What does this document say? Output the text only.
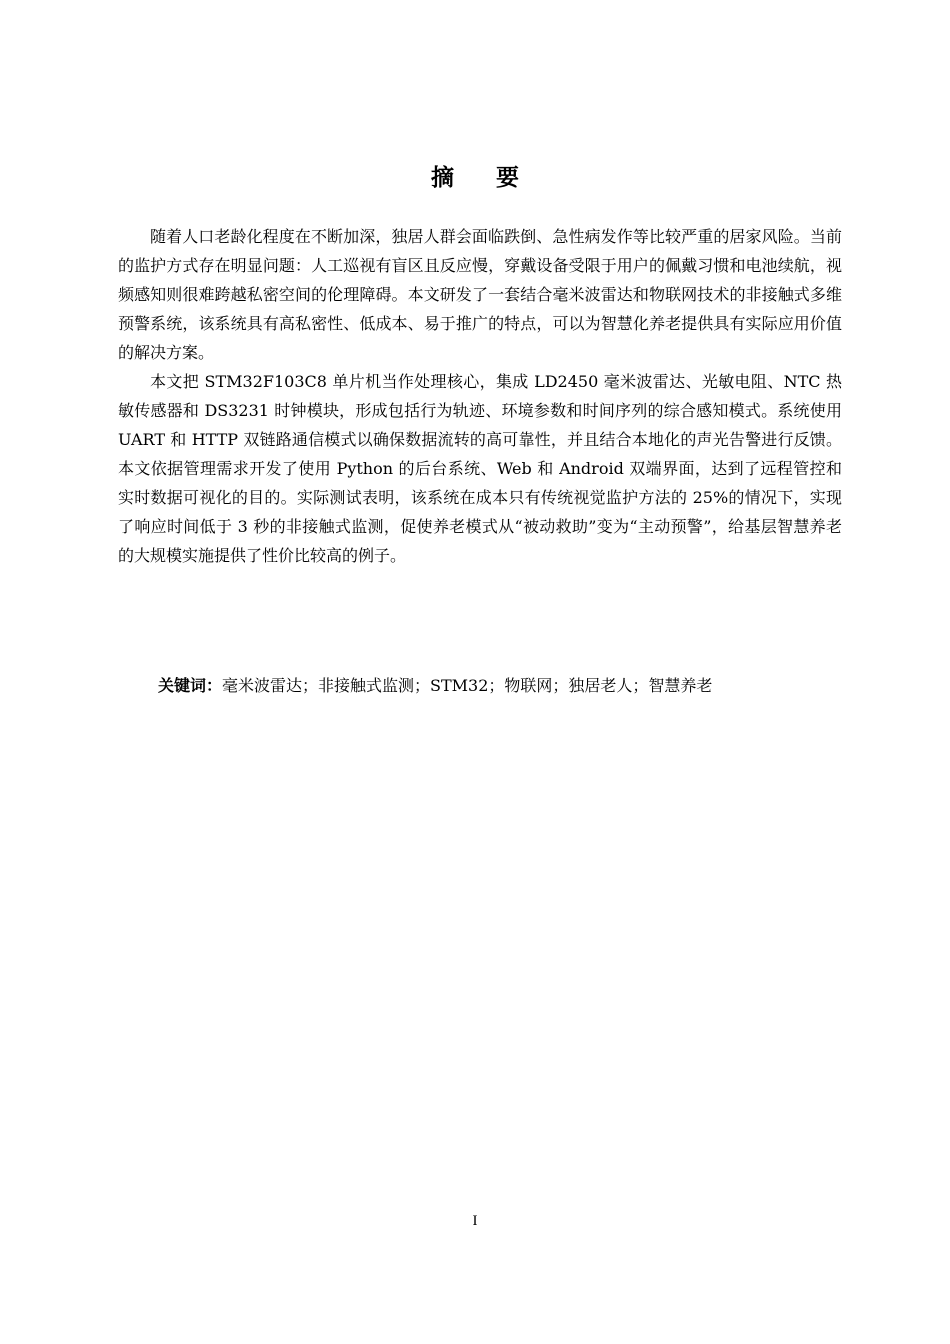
摘要

随着人口老龄化程度在不断加深，独居人群会面临跌倒、急性病发作等比较严重的居家风险。当前的监护方式存在明显问题：人工巡视有盲区且反应慢，穿戴设备受限于用户的佩戴习惯和电池续航，视频感知则很难跨越私密空间的伦理障碍。本文研发了一套结合毫米波雷达和物联网技术的非接触式多维预警系统，该系统具有高私密性、低成本、易于推广的特点，可以为智慧化养老提供具有实际应用价值的解决方案。

本文把 STM32F103C8 单片机当作处理核心，集成 LD2450 毫米波雷达、光敏电阻、NTC 热敏传感器和 DS3231 时钟模块，形成包括行为轨迹、环境参数和时间序列的综合感知模式。系统使用 UART 和 HTTP 双链路通信模式以确保数据流转的高可靠性，并且结合本地化的声光告警进行反馈。本文依据管理需求开发了使用 Python 的后台系统、Web 和 Android 双端界面，达到了远程管控和实时数据可视化的目的。实际测试表明，该系统在成本只有传统视觉监护方法的 25%的情况下，实现了响应时间低于 3 秒的非接触式监测，促使养老模式从“被动救助”变为“主动预警”，给基层智慧养老的大规模实施提供了性价比较高的例子。

关键词：毫米波雷达；非接触式监测；STM32；物联网；独居老人；智慧养老
I
